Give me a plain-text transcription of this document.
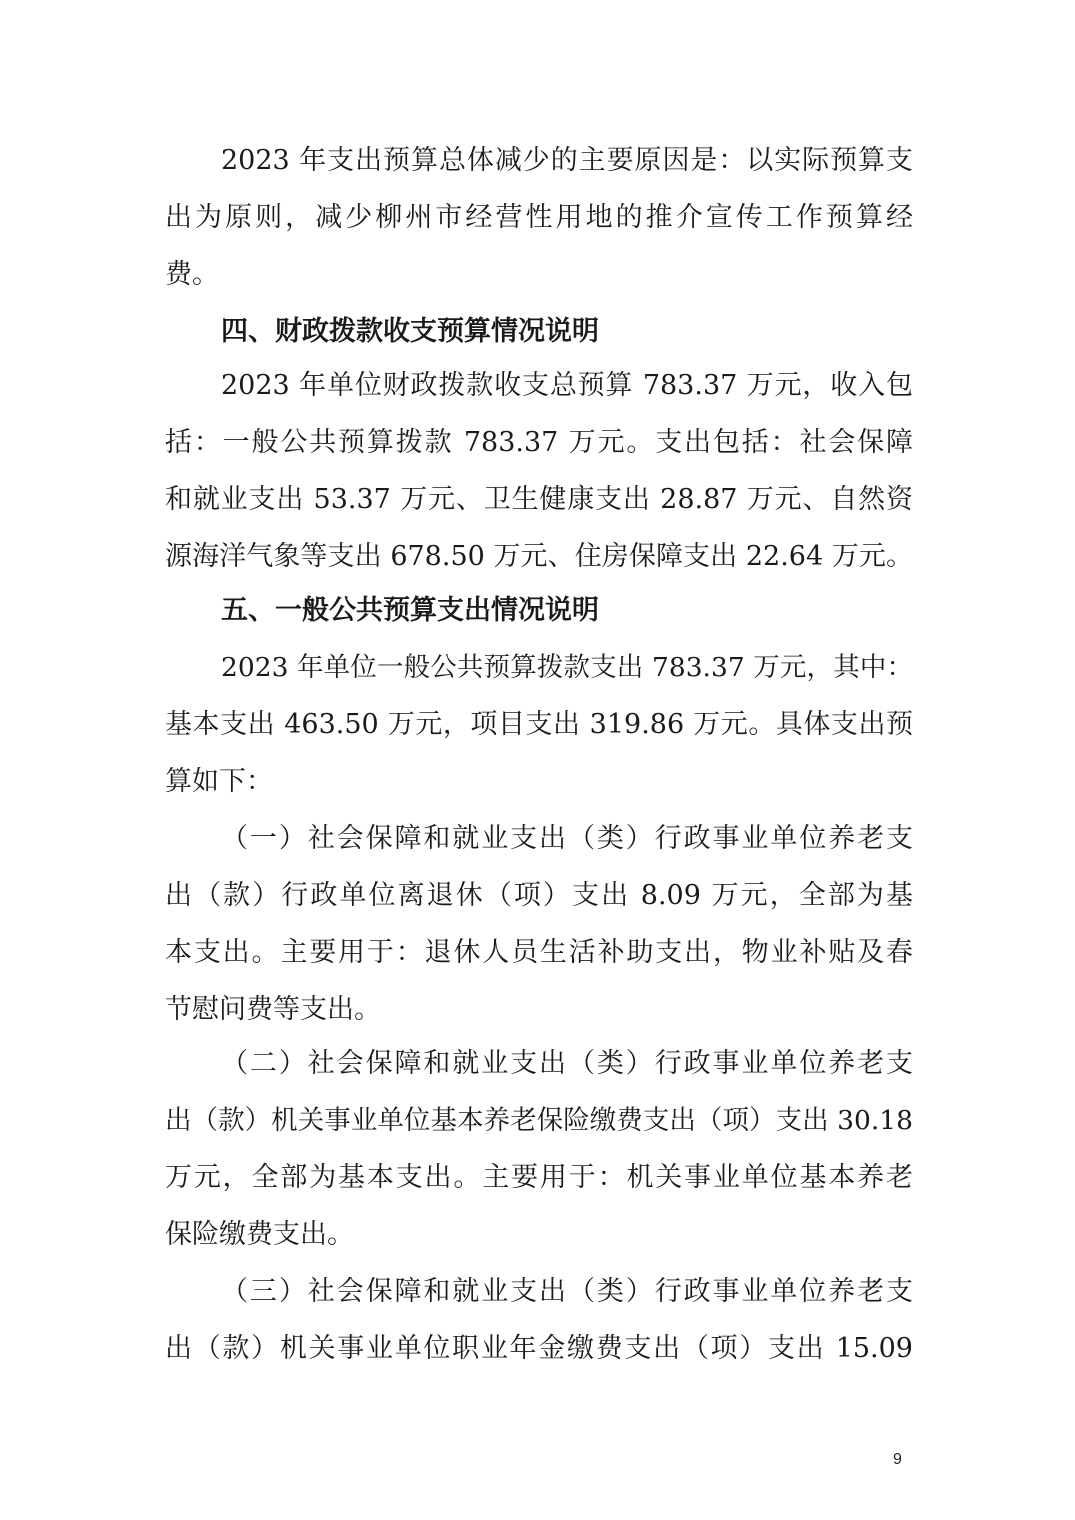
2023 年支出预算总体减少的主要原因是：以实际预算支
出为原则，减少柳州市经营性用地的推介宣传工作预算经
费。
四、财政拨款收支预算情况说明
2023 年单位财政拨款收支总预算 783.37 万元，收入包
括：一般公共预算拨款 783.37 万元。支出包括：社会保障
和就业支出 53.37 万元、卫生健康支出 28.87 万元、自然资
源海洋气象等支出 678.50 万元、住房保障支出 22.64 万元。
五、一般公共预算支出情况说明
2023 年单位一般公共预算拨款支出 783.37 万元，其中：
基本支出 463.50 万元，项目支出 319.86 万元。具体支出预
算如下：
（一）社会保障和就业支出（类）行政事业单位养老支
出（款）行政单位离退休（项）支出 8.09 万元，全部为基
本支出。主要用于：退休人员生活补助支出，物业补贴及春
节慰问费等支出。
（二）社会保障和就业支出（类）行政事业单位养老支
出（款）机关事业单位基本养老保险缴费支出（项）支出 30.18
万元，全部为基本支出。主要用于：机关事业单位基本养老
保险缴费支出。
（三）社会保障和就业支出（类）行政事业单位养老支
出（款）机关事业单位职业年金缴费支出（项）支出 15.09
9
